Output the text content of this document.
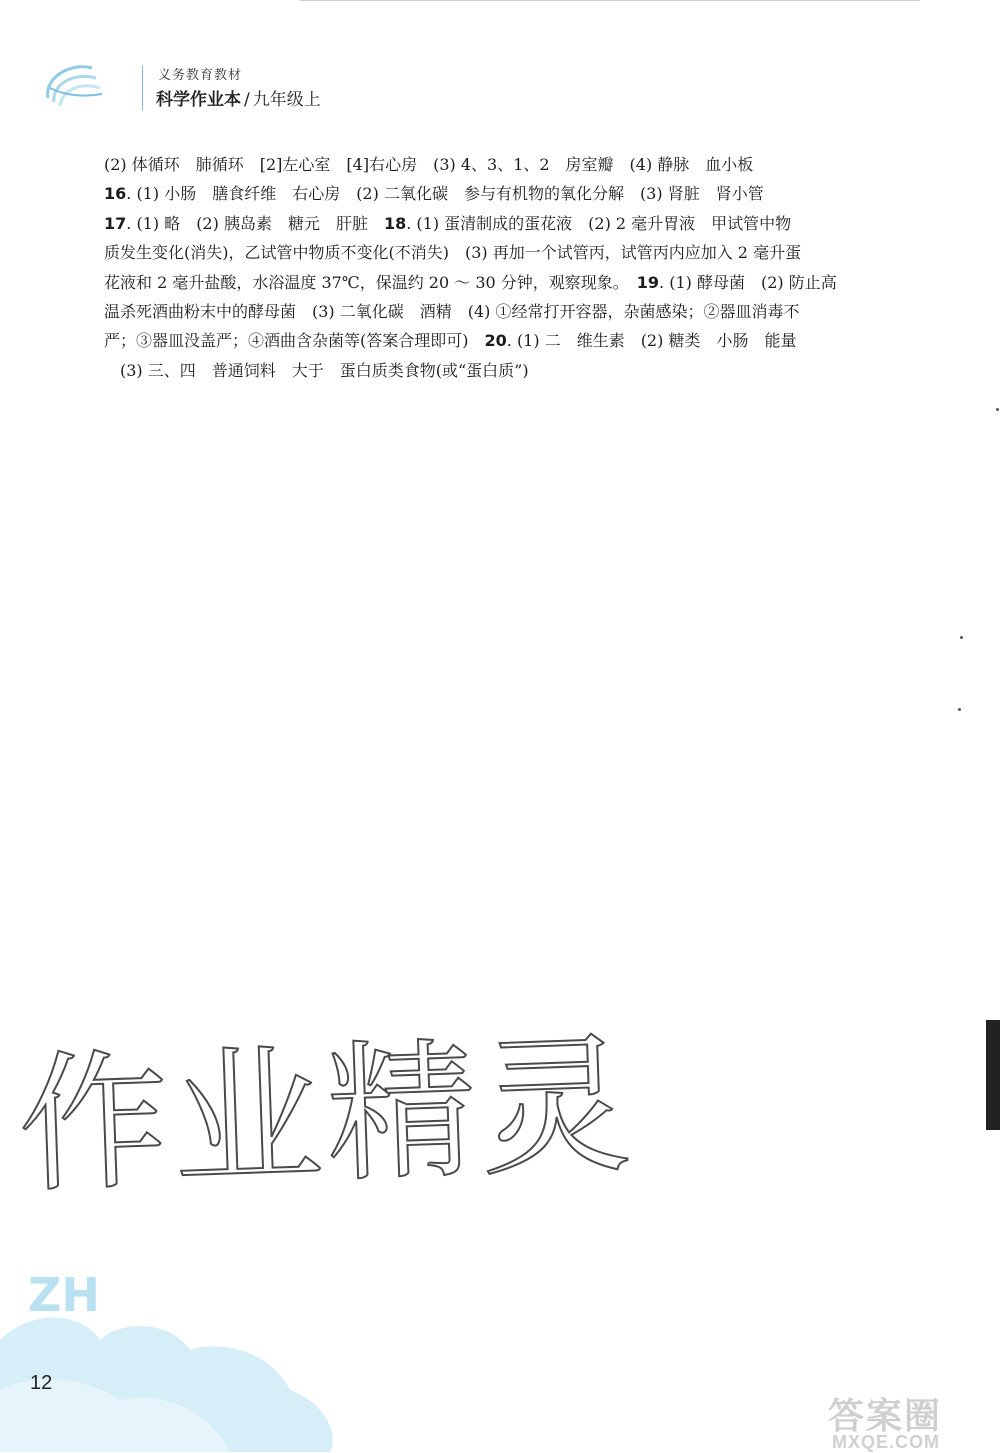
义务教育教材
科学作业本 / 九年级上

(2) 体循环　肺循环　[2]左心室　[4]右心房　(3) 4、3、1、2　房室瓣　(4) 静脉　血小板

16. (1) 小肠　膳食纤维　右心房　(2) 二氧化碳　参与有机物的氧化分解　(3) 肾脏　肾小管

17. (1) 略　(2) 胰岛素　糖元　肝脏　18. (1) 蛋清制成的蛋花液　(2) 2 毫升胃液　甲试管中物

质发生变化(消失)，乙试管中物质不变化(不消失)　(3) 再加一个试管丙，试管丙内应加入 2 毫升蛋

花液和 2 毫升盐酸，水浴温度 37℃，保温约 20 ～ 30 分钟，观察现象。　19. (1) 酵母菌　(2) 防止高

温杀死酒曲粉末中的酵母菌　(3) 二氧化碳　酒精　(4) ①经常打开容器，杂菌感染；②器皿消毒不

严；③器皿没盖严；④酒曲含杂菌等(答案合理即可)　20. (1) 二　维生素　(2) 糖类　小肠　能量

(3) 三、四　普通饲料　大于　蛋白质类食物(或“蛋白质”)

作业精灵
ZH
12
答案圈
MXQE.COM
